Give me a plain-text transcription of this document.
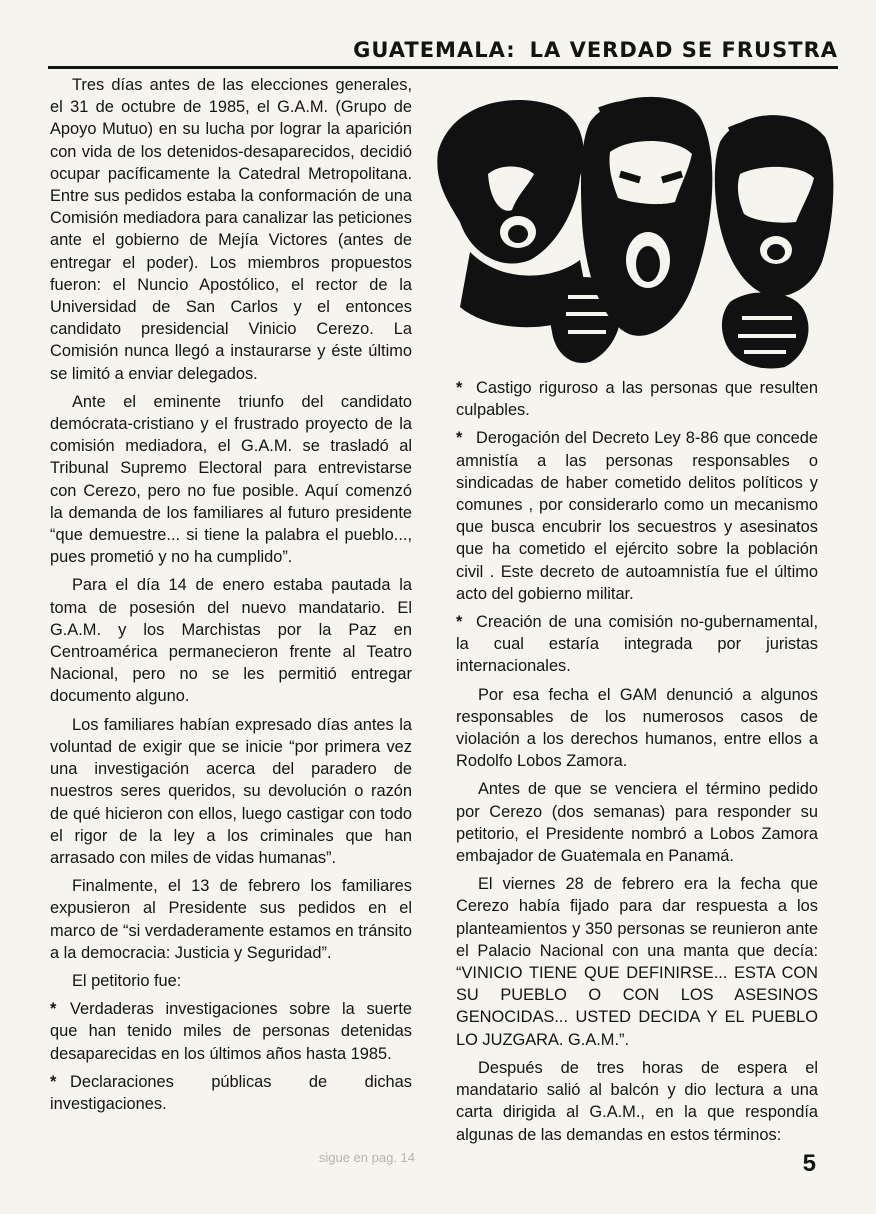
GUATEMALA: LA VERDAD SE FRUSTRA

Tres días antes de las elecciones generales, el 31 de octubre de 1985, el G.A.M. (Grupo de Apoyo Mutuo) en su lucha por lograr la aparición con vida de los detenidos-desaparecidos, decidió ocupar pacíficamente la Catedral Metropolitana. Entre sus pedidos estaba la conformación de una Comisión mediadora para canalizar las peticiones ante el gobierno de Mejía Victores (antes de entregar el poder). Los miembros propuestos fueron: el Nuncio Apostólico, el rector de la Universidad de San Carlos y el entonces candidato presidencial Vinicio Cerezo. La Comisión nunca llegó a instaurarse y éste último se limitó a enviar delegados.

Ante el eminente triunfo del candidato demócrata-cristiano y el frustrado proyecto de la comisión mediadora, el G.A.M. se trasladó al Tribunal Supremo Electoral para entrevistarse con Cerezo, pero no fue posible. Aquí comenzó la demanda de los familiares al futuro presidente “que demuestre... si tiene la palabra el pueblo..., pues prometió y no ha cumplido”.

Para el día 14 de enero estaba pautada la toma de posesión del nuevo mandatario. El G.A.M. y los Marchistas por la Paz en Centroamérica permanecieron frente al Teatro Nacional, pero no se les permitió entregar documento alguno.

Los familiares habían expresado días antes la voluntad de exigir que se inicie “por primera vez una investigación acerca del paradero de nuestros seres queridos, su devolución o razón de qué hicieron con ellos, luego castigar con todo el rigor de la ley a los criminales que han arrasado con miles de vidas humanas”.

Finalmente, el 13 de febrero los familiares expusieron al Presidente sus pedidos en el marco de “si verdaderamente estamos en tránsito a la democracia: Justicia y Seguridad”.

El petitorio fue:

* Verdaderas investigaciones sobre la suerte que han tenido miles de personas detenidas desaparecidas en los últimos años hasta 1985.

* Declaraciones públicas de dichas investigaciones.

* Castigo riguroso a las personas que resulten culpables.

* Derogación del Decreto Ley 8-86 que concede amnistía a las personas responsables o sindicadas de haber cometido delitos políticos y comunes , por considerarlo como un mecanismo que busca encubrir los secuestros y asesinatos que ha cometido el ejército sobre la población civil . Este decreto de autoamnistía fue el último acto del gobierno militar.

* Creación de una comisión no-gubernamental, la cual estaría integrada por juristas internacionales.

Por esa fecha el GAM denunció a algunos responsables de los numerosos casos de violación a los derechos humanos, entre ellos a Rodolfo Lobos Zamora.

Antes de que se venciera el término pedido por Cerezo (dos semanas) para responder su petitorio, el Presidente nombró a Lobos Zamora embajador de Guatemala en Panamá.

El viernes 28 de febrero era la fecha que Cerezo había fijado para dar respuesta a los planteamientos y 350 personas se reunieron ante el Palacio Nacional con una manta que decía: “VINICIO TIENE QUE DEFINIRSE... ESTA CON SU PUEBLO O CON LOS ASESINOS GENOCIDAS... USTED DECIDA Y EL PUEBLO LO JUZGARA. G.A.M.”.

Después de tres horas de espera el mandatario salió al balcón y dio lectura a una carta dirigida al G.A.M., en la que respondía algunas de las demandas en estos términos:

sigue en pag. 14	5
